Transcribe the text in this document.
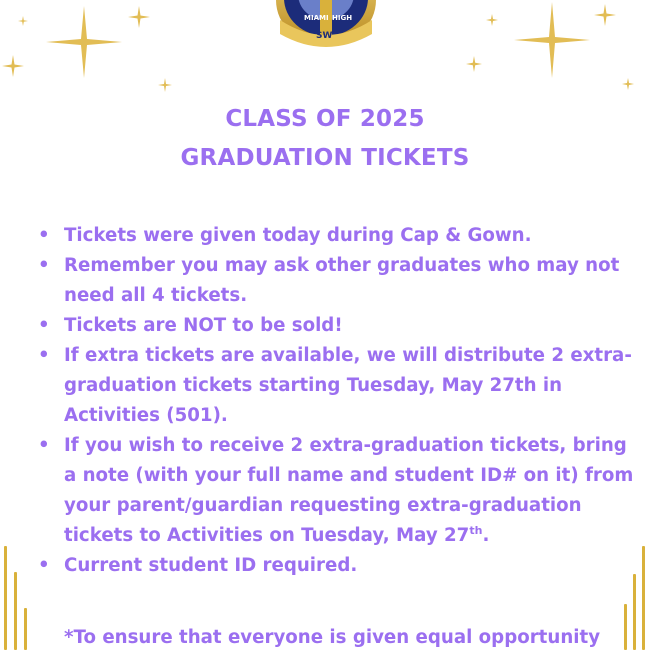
MIAMI HIGH
SW
CLASS OF 2025
GRADUATION TICKETS
• Tickets were given today during Cap & Gown.
• Remember you may ask other graduates who may not need all 4 tickets.
• Tickets are NOT to be sold!
• If extra tickets are available, we will distribute 2 extra-graduation tickets starting Tuesday, May 27th in Activities (501).
• If you wish to receive 2 extra-graduation tickets, bring a note (with your full name and student ID# on it) from your parent/guardian requesting extra-graduation tickets to Activities on Tuesday, May 27th.
• Current student ID required.
*To ensure that everyone is given equal opportunity
